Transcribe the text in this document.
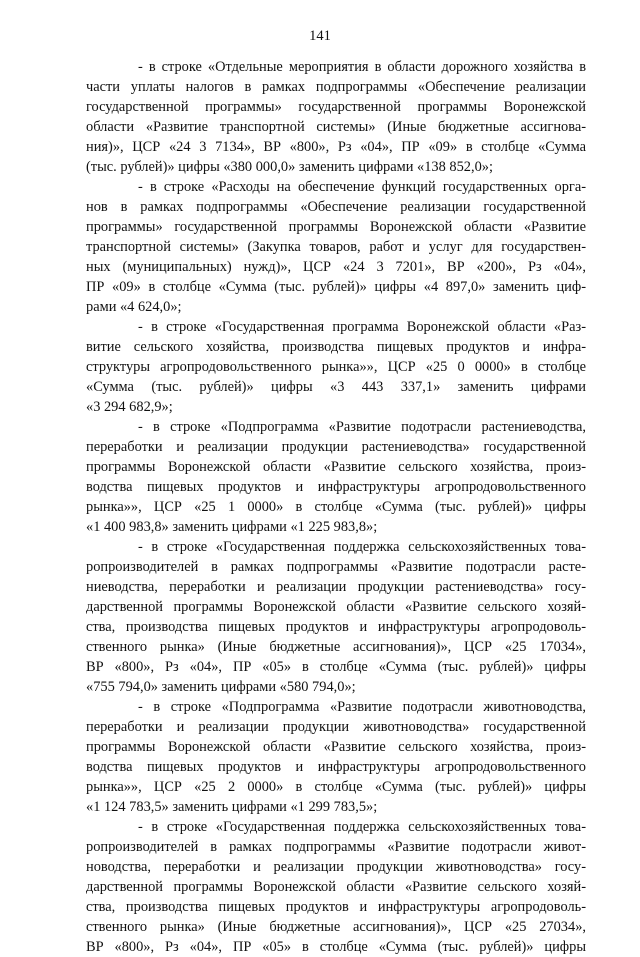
141
- в строке «Отдельные мероприятия в области дорожного хозяйства в
части уплаты налогов в рамках подпрограммы «Обеспечение реализации
государственной программы» государственной программы Воронежской
области «Развитие транспортной системы» (Иные бюджетные ассигнова-
ния)», ЦСР «24 3 7134», ВР «800», Рз «04», ПР «09» в столбце «Сумма
(тыс. рублей)» цифры «380 000,0» заменить цифрами «138 852,0»;
- в строке «Расходы на обеспечение функций государственных орга-
нов в рамках подпрограммы «Обеспечение реализации государственной
программы» государственной программы Воронежской области «Развитие
транспортной системы» (Закупка товаров, работ и услуг для государствен-
ных (муниципальных) нужд)», ЦСР «24 3 7201», ВР «200», Рз «04»,
ПР «09» в столбце «Сумма (тыс. рублей)» цифры «4 897,0» заменить циф-
рами «4 624,0»;
- в строке «Государственная программа Воронежской области «Раз-
витие сельского хозяйства, производства пищевых продуктов и инфра-
структуры агропродовольственного рынка»», ЦСР «25 0 0000» в столбце
«Сумма (тыс. рублей)» цифры «3 443 337,1» заменить цифрами
«3 294 682,9»;
- в строке «Подпрограмма «Развитие подотрасли растениеводства,
переработки и реализации продукции растениеводства» государственной
программы Воронежской области «Развитие сельского хозяйства, произ-
водства пищевых продуктов и инфраструктуры агропродовольственного
рынка»», ЦСР «25 1 0000» в столбце «Сумма (тыс. рублей)» цифры
«1 400 983,8» заменить цифрами «1 225 983,8»;
- в строке «Государственная поддержка сельскохозяйственных това-
ропроизводителей в рамках подпрограммы «Развитие подотрасли расте-
ниеводства, переработки и реализации продукции растениеводства» госу-
дарственной программы Воронежской области «Развитие сельского хозяй-
ства, производства пищевых продуктов и инфраструктуры агропродоволь-
ственного рынка» (Иные бюджетные ассигнования)», ЦСР «25 17034»,
ВР «800», Рз «04», ПР «05» в столбце «Сумма (тыс. рублей)» цифры
«755 794,0» заменить цифрами «580 794,0»;
- в строке «Подпрограмма «Развитие подотрасли животноводства,
переработки и реализации продукции животноводства» государственной
программы Воронежской области «Развитие сельского хозяйства, произ-
водства пищевых продуктов и инфраструктуры агропродовольственного
рынка»», ЦСР «25 2 0000» в столбце «Сумма (тыс. рублей)» цифры
«1 124 783,5» заменить цифрами «1 299 783,5»;
- в строке «Государственная поддержка сельскохозяйственных това-
ропроизводителей в рамках подпрограммы «Развитие подотрасли живот-
новодства, переработки и реализации продукции животноводства» госу-
дарственной программы Воронежской области «Развитие сельского хозяй-
ства, производства пищевых продуктов и инфраструктуры агропродоволь-
ственного рынка» (Иные бюджетные ассигнования)», ЦСР «25 27034»,
ВР «800», Рз «04», ПР «05» в столбце «Сумма (тыс. рублей)» цифры
